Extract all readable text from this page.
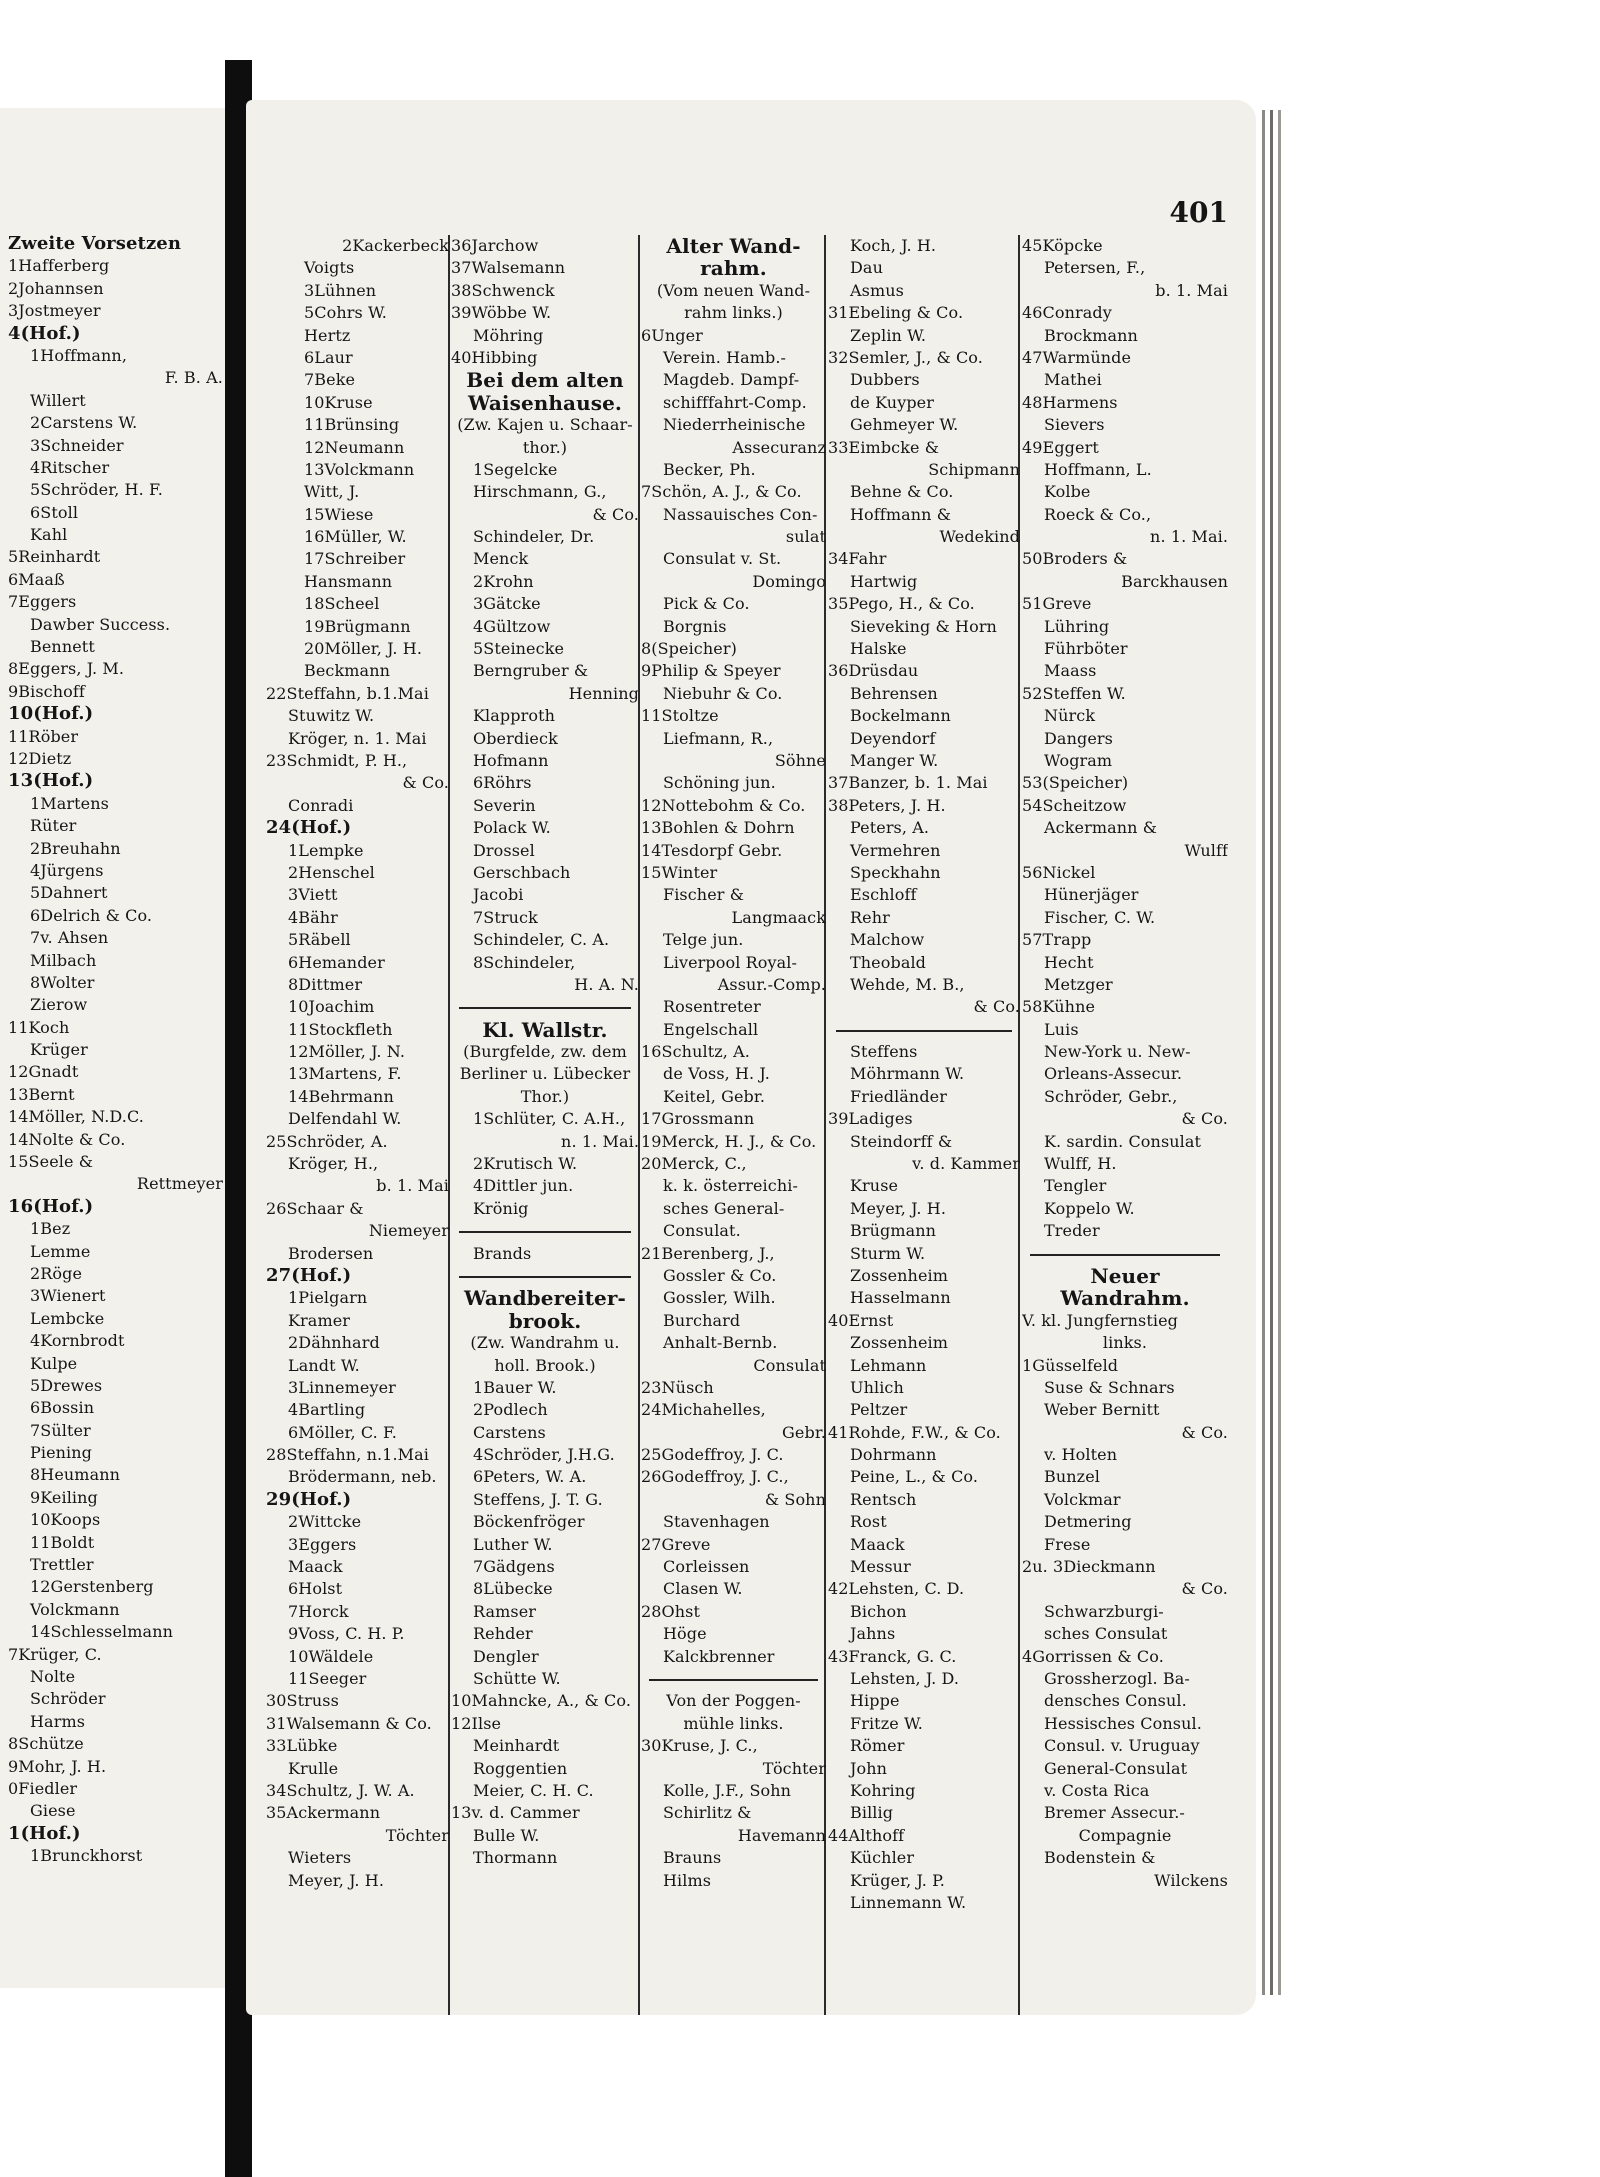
Zweite Vorsetzen
1Hafferberg
2Johannsen
3Jostmeyer
4(Hof.)
1Hoffmann,
F. B. A.
Willert
2Carstens W.
3Schneider
4Ritscher
5Schröder, H. F.
6Stoll
Kahl
5Reinhardt
6Maaß
7Eggers
Dawber Success.
Bennett
8Eggers, J. M.
9Bischoff
10(Hof.)
11Röber
12Dietz
13(Hof.)
1Martens
Rüter
2Breuhahn
4Jürgens
5Dahnert
6Delrich & Co.
7v. Ahsen
Milbach
8Wolter
Zierow
11Koch
Krüger
12Gnadt
13Bernt
14Möller, N.D.C.
14Nolte & Co.
15Seele &
Rettmeyer
16(Hof.)
1Bez
Lemme
2Röge
3Wienert
Lembcke
4Kornbrodt
Kulpe
5Drewes
6Bossin
7Sülter
Piening
8Heumann
9Keiling
10Koops
11Boldt
Trettler
12Gerstenberg
Volckmann
14Schlesselmann
7Krüger, C.
Nolte
Schröder
Harms
8Schütze
9Mohr, J. H.
0Fiedler
Giese
1(Hof.)
1Brunckhorst
401
2Kackerbeck
Voigts
3Lühnen
5Cohrs W.
Hertz
6Laur
7Beke
10Kruse
11Brünsing
12Neumann
13Volckmann
Witt, J.
15Wiese
16Müller, W.
17Schreiber
Hansmann
18Scheel
19Brügmann
20Möller, J. H.
Beckmann
22Steffahn, b.1.Mai
Stuwitz W.
Kröger, n. 1. Mai
23Schmidt, P. H.,
& Co.
Conradi
24(Hof.)
1Lempke
2Henschel
3Viett
4Bähr
5Räbell
6Hemander
8Dittmer
10Joachim
11Stockfleth
12Möller, J. N.
13Martens, F.
14Behrmann
Delfendahl W.
25Schröder, A.
Kröger, H.,
b. 1. Mai
26Schaar &
Niemeyer
Brodersen
27(Hof.)
1Pielgarn
Kramer
2Dähnhard
Landt W.
3Linnemeyer
4Bartling
6Möller, C. F.
28Steffahn, n.1.Mai
Brödermann, neb.
29(Hof.)
2Wittcke
3Eggers
Maack
6Holst
7Horck
9Voss, C. H. P.
10Wäldele
11Seeger
30Struss
31Walsemann & Co.
33Lübke
Krulle
34Schultz, J. W. A.
35Ackermann
Töchter
Wieters
Meyer, J. H.
36Jarchow
37Walsemann
38Schwenck
39Wöbbe W.
Möhring
40Hibbing
Bei dem alten
Waisenhause.
(Zw. Kajen u. Schaar-
thor.)
1Segelcke
Hirschmann, G.,
& Co.
Schindeler, Dr.
Menck
2Krohn
3Gätcke
4Gültzow
5Steinecke
Berngruber &
Henning
Klapproth
Oberdieck
Hofmann
6Röhrs
Severin
Polack W.
Drossel
Gerschbach
Jacobi
7Struck
Schindeler, C. A.
8Schindeler,
H. A. N.
Kl. Wallstr.
(Burgfelde, zw. dem
Berliner u. Lübecker
Thor.)
1Schlüter, C. A.H.,
n. 1. Mai.
2Krutisch W.
4Dittler jun.
Krönig
Brands
Wandbereiter-
brook.
(Zw. Wandrahm u.
holl. Brook.)
1Bauer W.
2Podlech
Carstens
4Schröder, J.H.G.
6Peters, W. A.
Steffens, J. T. G.
Böckenfröger
Luther W.
7Gädgens
8Lübecke
Ramser
Rehder
Dengler
Schütte W.
10Mahncke, A., & Co.
12Ilse
Meinhardt
Roggentien
Meier, C. H. C.
13v. d. Cammer
Bulle W.
Thormann
Alter Wand-
rahm.
(Vom neuen Wand-
rahm links.)
6Unger
Verein. Hamb.-
Magdeb. Dampf-
schifffahrt-Comp.
Niederrheinische
Assecuranz
Becker, Ph.
7Schön, A. J., & Co.
Nassauisches Con-
sulat
Consulat v. St.
Domingo
Pick & Co.
Borgnis
8(Speicher)
9Philip & Speyer
Niebuhr & Co.
11Stoltze
Liefmann, R.,
Söhne
Schöning jun.
12Nottebohm & Co.
13Bohlen & Dohrn
14Tesdorpf Gebr.
15Winter
Fischer &
Langmaack
Telge jun.
Liverpool Royal-
Assur.-Comp.
Rosentreter
Engelschall
16Schultz, A.
de Voss, H. J.
Keitel, Gebr.
17Grossmann
19Merck, H. J., & Co.
20Merck, C.,
k. k. österreichi-
sches General-
Consulat.
21Berenberg, J.,
Gossler & Co.
Gossler, Wilh.
Burchard
Anhalt-Bernb.
Consulat
23Nüsch
24Michahelles,
Gebr.
25Godeffroy, J. C.
26Godeffroy, J. C.,
& Sohn
Stavenhagen
27Greve
Corleissen
Clasen W.
28Ohst
Höge
Kalckbrenner
Von der Poggen-
mühle links.
30Kruse, J. C.,
Töchter
Kolle, J.F., Sohn
Schirlitz &
Havemann
Brauns
Hilms
Koch, J. H.
Dau
Asmus
31Ebeling & Co.
Zeplin W.
32Semler, J., & Co.
Dubbers
de Kuyper
Gehmeyer W.
33Eimbcke &
Schipmann
Behne & Co.
Hoffmann &
Wedekind
34Fahr
Hartwig
35Pego, H., & Co.
Sieveking & Horn
Halske
36Drüsdau
Behrensen
Bockelmann
Deyendorf
Manger W.
37Banzer, b. 1. Mai
38Peters, J. H.
Peters, A.
Vermehren
Speckhahn
Eschloff
Rehr
Malchow
Theobald
Wehde, M. B.,
& Co.
Steffens
Möhrmann W.
Friedländer
39Ladiges
Steindorff &
v. d. Kammer
Kruse
Meyer, J. H.
Brügmann
Sturm W.
Zossenheim
Hasselmann
40Ernst
Zossenheim
Lehmann
Uhlich
Peltzer
41Rohde, F.W., & Co.
Dohrmann
Peine, L., & Co.
Rentsch
Rost
Maack
Messur
42Lehsten, C. D.
Bichon
Jahns
43Franck, G. C.
Lehsten, J. D.
Hippe
Fritze W.
Römer
John
Kohring
Billig
44Althoff
Küchler
Krüger, J. P.
Linnemann W.
45Köpcke
Petersen, F.,
b. 1. Mai
46Conrady
Brockmann
47Warmünde
Mathei
48Harmens
Sievers
49Eggert
Hoffmann, L.
Kolbe
Roeck & Co.,
n. 1. Mai.
50Broders &
Barckhausen
51Greve
Lühring
Führböter
Maass
52Steffen W.
Nürck
Dangers
Wogram
53(Speicher)
54Scheitzow
Ackermann &
Wulff
56Nickel
Hünerjäger
Fischer, C. W.
57Trapp
Hecht
Metzger
58Kühne
Luis
New-York u. New-
Orleans-Assecur.
Schröder, Gebr.,
& Co.
K. sardin. Consulat
Wulff, H.
Tengler
Koppelo W.
Treder
Neuer
Wandrahm.
V. kl. Jungfernstieg
links.
1Güsselfeld
Suse & Schnars
Weber Bernitt
& Co.
v. Holten
Bunzel
Volckmar
Detmering
Frese
2u. 3Dieckmann
& Co.
Schwarzburgi-
sches Consulat
4Gorrissen & Co.
Grossherzogl. Ba-
densches Consul.
Hessisches Consul.
Consul. v. Uruguay
General-Consulat
v. Costa Rica
Bremer Assecur.-
Compagnie
Bodenstein &
Wilckens
